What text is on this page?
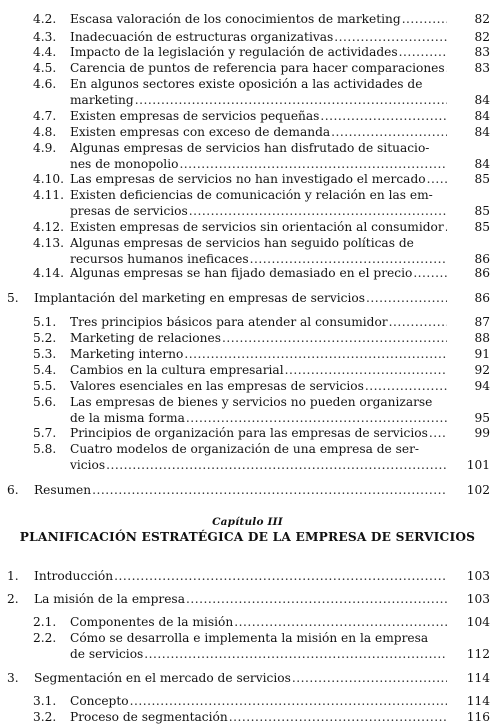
Capítulo III
PLANIFICACIÓN ESTRATÉGICA DE LA EMPRESA DE SERVICIOS
4.2. Escasa valoración de los conocimientos de marketing .....	82
4.3. Inadecuación de estructuras organizativas .....	82
4.4. Impacto de la legislación y regulación de actividades .....	83
4.5. Carencia de puntos de referencia para hacer comparaciones .....	83
4.6. En algunos sectores existe oposición a las actividades de
marketing .....	84
4.7. Existen empresas de servicios pequeñas .....	84
4.8. Existen empresas con exceso de demanda .....	84
4.9. Algunas empresas de servicios han disfrutado de situacio-
nes de monopolio .....	84
4.10. Las empresas de servicios no han investigado el mercado .....	85
4.11. Existen deficiencias de comunicación y relación en las em-
presas de servicios .....	85
4.12. Existen empresas de servicios sin orientación al consumidor .....	85
4.13. Algunas empresas de servicios han seguido políticas de
recursos humanos ineficaces .....	86
4.14. Algunas empresas se han fijado demasiado en el precio .....	86
5. Implantación del marketing en empresas de servicios .....	86
5.1. Tres principios básicos para atender al consumidor .....	87
5.2. Marketing de relaciones .....	88
5.3. Marketing interno .....	91
5.4. Cambios en la cultura empresarial .....	92
5.5. Valores esenciales en las empresas de servicios .....	94
5.6. Las empresas de bienes y servicios no pueden organizarse
de la misma forma .....	95
5.7. Principios de organización para las empresas de servicios .....	99
5.8. Cuatro modelos de organización de una empresa de ser-
vicios .....	101
6. Resumen .....	102
1. Introducción .....	103
2. La misión de la empresa .....	103
2.1. Componentes de la misión .....	104
2.2. Cómo se desarrolla e implementa la misión en la empresa
de servicios .....	112
3. Segmentación en el mercado de servicios .....	114
3.1. Concepto .....	114
3.2. Proceso de segmentación .....	116
